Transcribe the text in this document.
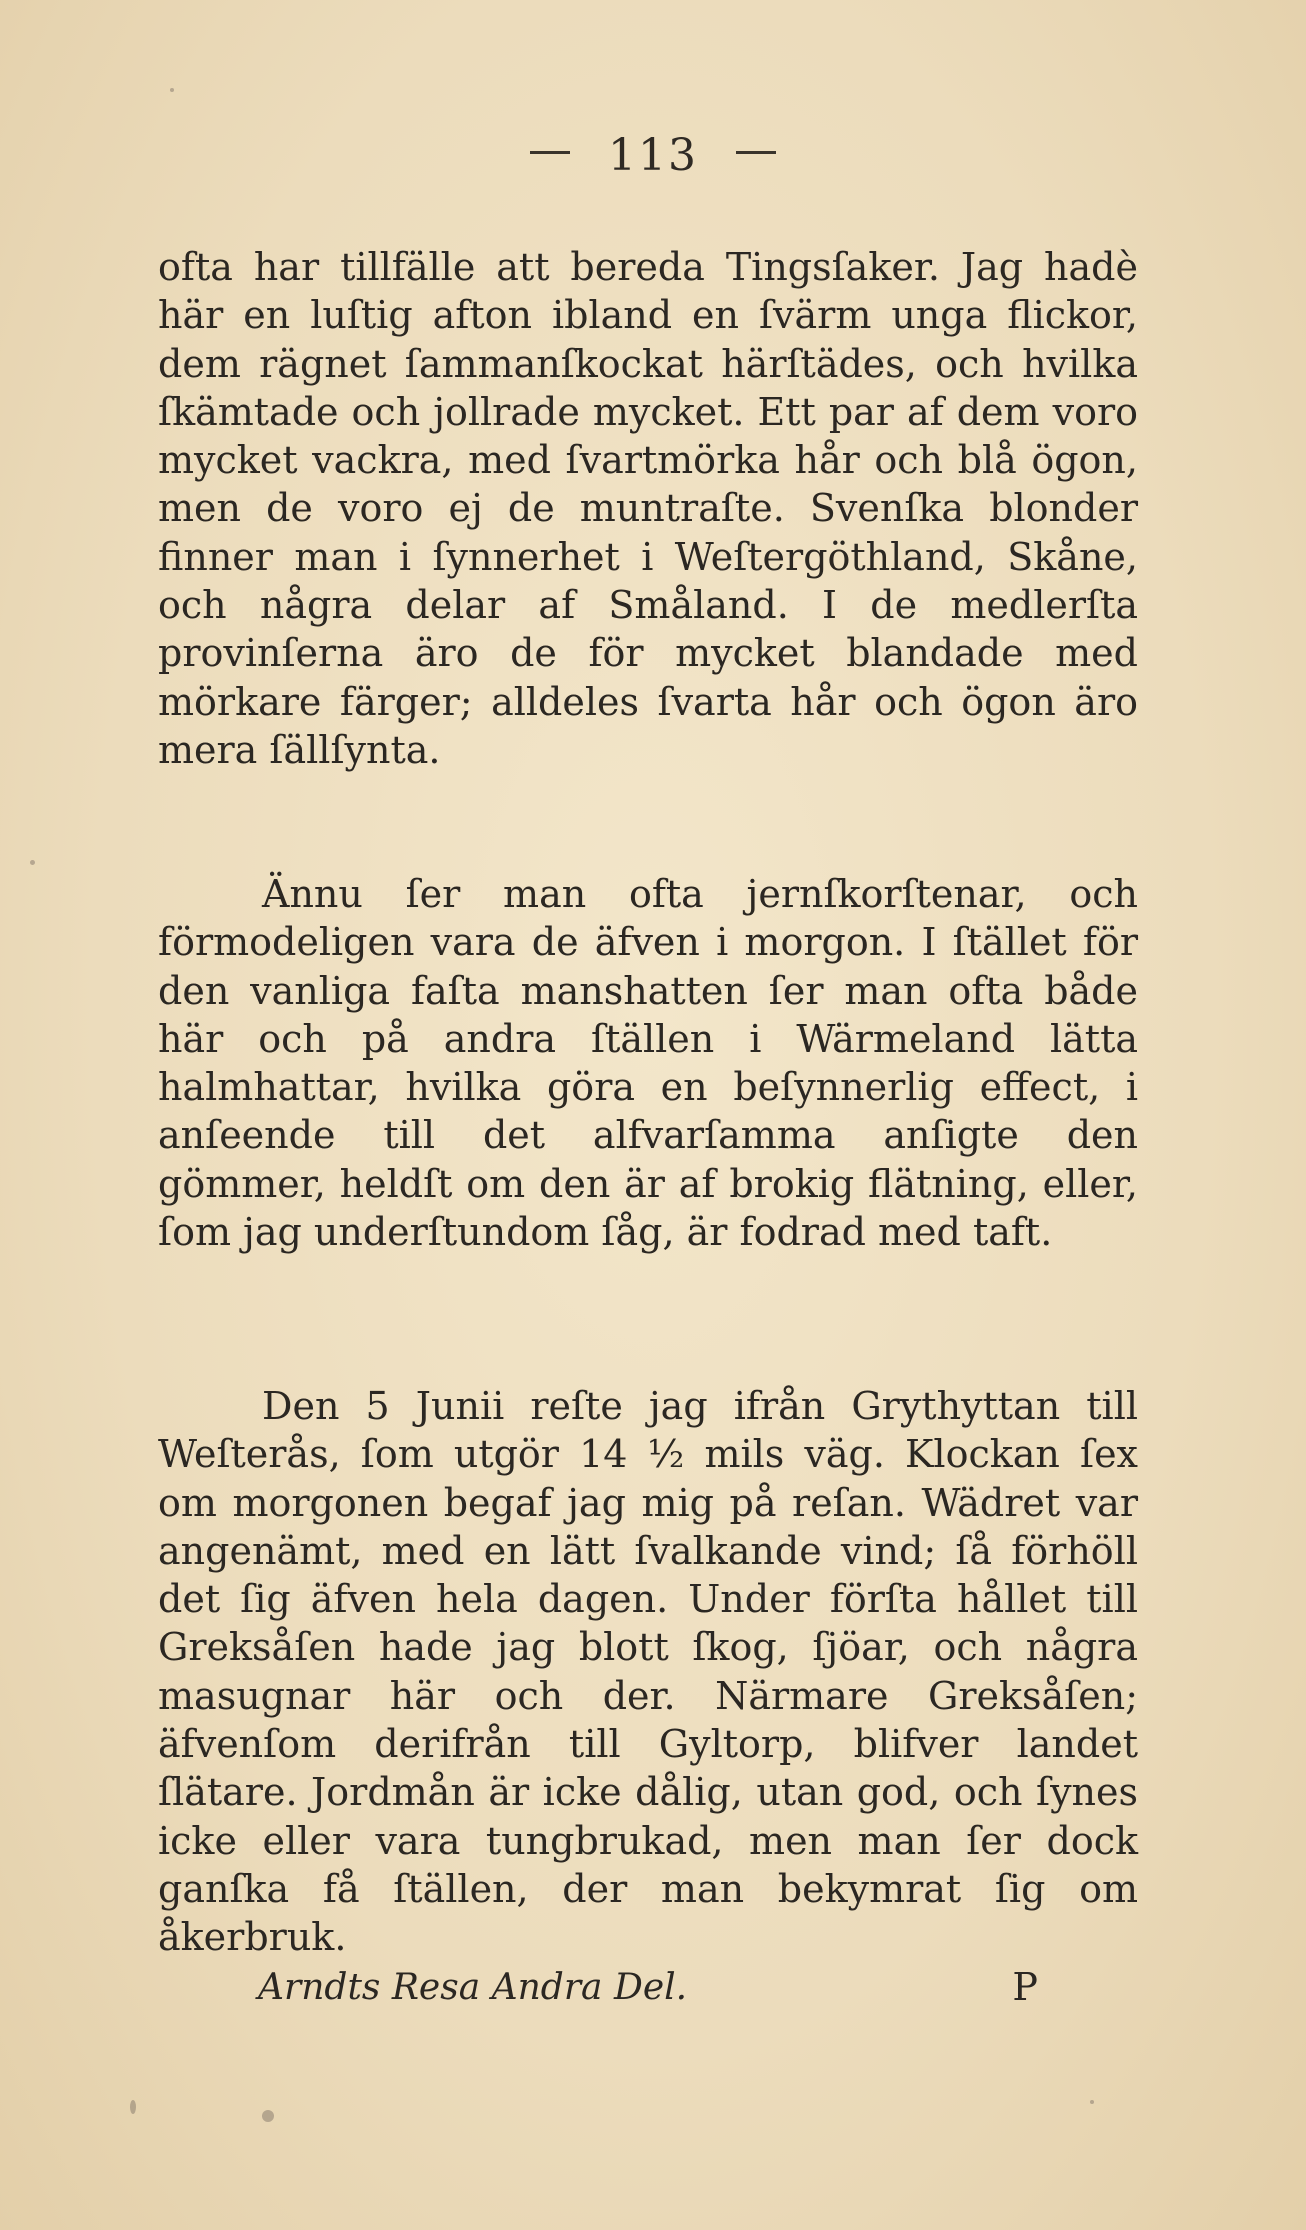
113

ofta har tillfälle att bereda Tingsſaker. Jag hadè här en luſtig afton ibland en ſvärm unga flickor, dem rägnet ſammanſkockat härſtädes, och hvilka ſkämtade och jollrade mycket. Ett par af dem voro mycket vackra, med ſvartmörka hår och blå ögon, men de voro ej de muntraſte. Svenſka blonder finner man i ſynnerhet i Weſtergöthland, Skåne, och några delar af Småland. I de medlerſta provinſerna äro de för mycket blandade med mörkare färger; alldeles ſvarta hår och ögon äro mera ſällſynta.

Ännu ſer man ofta jernſkorſtenar, och förmodeligen vara de äfven i morgon. I ſtället för den vanliga faſta manshatten ſer man ofta både här och på andra ſtällen i Wärmeland lätta halmhattar, hvilka göra en beſynnerlig effect, i anſeende till det alfvarſamma anſigte den gömmer, heldſt om den är af brokig flätning, eller, ſom jag underſtundom ſåg, är fodrad med taft.

Den 5 Junii reſte jag ifrån Grythyttan till Weſterås, ſom utgör 14 ½ mils väg. Klockan ſex om morgonen begaf jag mig på reſan. Wädret var angenämt, med en lätt ſvalkande vind; ſå förhöll det ſig äfven hela dagen. Under förſta hållet till Greksåſen hade jag blott ſkog, ſjöar, och några masugnar här och der. Närmare Greksåſen; äfvenſom derifrån till Gyltorp, blifver landet ſlätare. Jordmån är icke dålig, utan god, och ſynes icke eller vara tungbrukad, men man ſer dock ganſka få ſtällen, der man bekymrat ſig om åkerbruk.

Arndts Resa Andra Del.	P
